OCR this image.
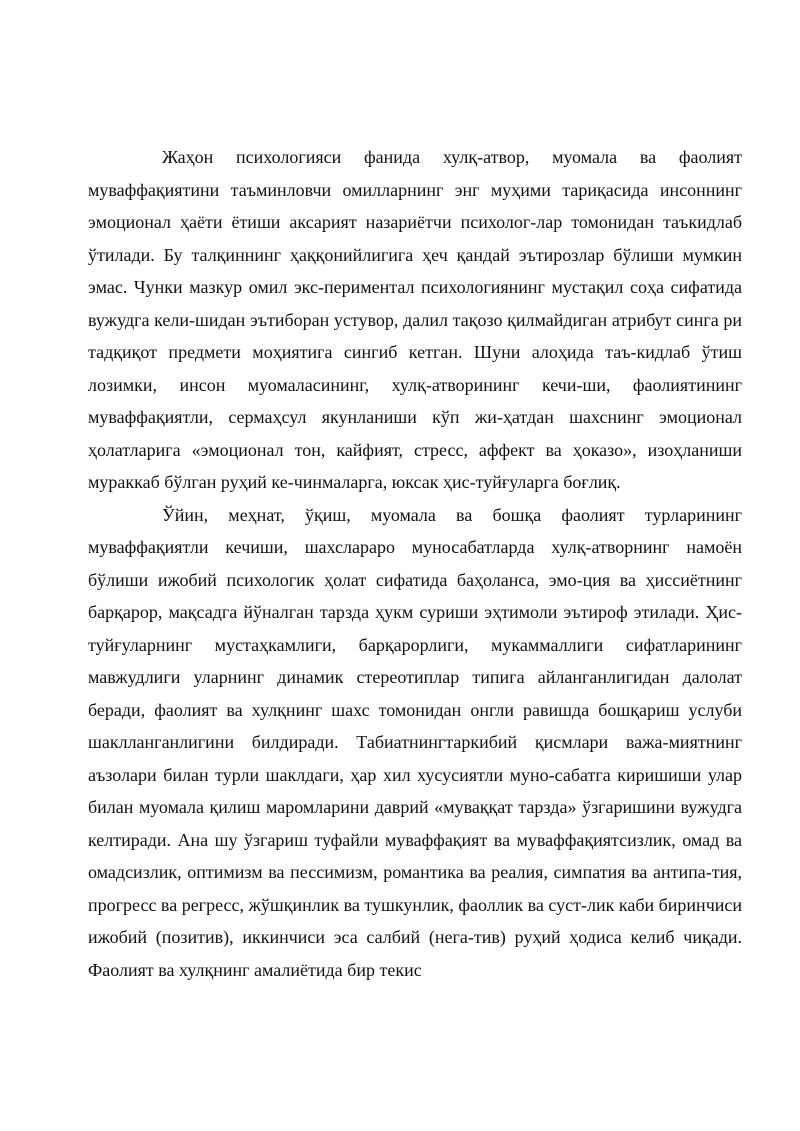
Жаҳон психологияси фанида хулқ-атвор, муомала ва фаолият муваффақиятини таъминловчи омилларнинг энг муҳими тариқасида инсоннинг эмоционал ҳаёти ётиши аксарият назариётчи психолог-лар томонидан таъкидлаб ўтилади. Бу талқиннинг ҳаққонийлигига ҳеч қандай эътирозлар бўлиши мумкин эмас. Чунки мазкур омил экс-периментал психологиянинг мустақил соҳа сифатида вужудга кели-шидан эътиборан устувор, далил тақозо қилмайдиган атрибут синга ри тадқиқот предмети моҳиятига сингиб кетган. Шуни алоҳида таъ-кидлаб ўтиш лозимки, инсон муомаласининг, хулқ-атворининг кечи-ши, фаолиятининг муваффақиятли, сермаҳсул якунланиши кўп жи-ҳатдан шахснинг эмоционал ҳолатларига «эмоционал тон, кайфият, стресс, аффект ва ҳоказо», изоҳланиши мураккаб бўлган руҳий ке-чинмаларга, юксак ҳис-туйғуларга боғлиқ.

Ўйин, меҳнат, ўқиш, муомала ва бошқа фаолият турларининг муваффақиятли кечиши, шахслараро муносабатларда хулқ-атворнинг намоён бўлиши ижобий психологик ҳолат сифатида баҳоланса, эмо-ция ва ҳиссиётнинг барқарор, мақсадга йўналган тарзда ҳукм суриши эҳтимоли эътироф этилади. Ҳис-туйғуларнинг мустаҳкамлиги, барқарорлиги, мукаммаллиги сифатларининг мавжудлиги уларнинг динамик стереотиплар типига айланганлигидан далолат беради, фаолият ва хулқнинг шахс томонидан онгли равишда бошқариш услуби шаклланганлигини билдиради. Табиатнингтаркибий қисмлари важа-миятнинг аъзолари билан турли шаклдаги, ҳар хил хусусиятли муно-сабатга киришиши улар билан муомала қилиш маромларини даврий «муваққат тарзда» ўзгаришини вужудга келтиради. Ана шу ўзгариш туфайли муваффақият ва муваффақиятсизлик, омад ва омадсизлик, оптимизм ва пессимизм, романтика ва реалия, симпатия ва антипа-тия, прогресс ва регресс, жўшқинлик ва тушкунлик, фаоллик ва суст-лик каби биринчиси ижобий (позитив), иккинчиси эса салбий (нега-тив) руҳий ҳодиса келиб чиқади. Фаолият ва хулқнинг амалиётида бир текис
